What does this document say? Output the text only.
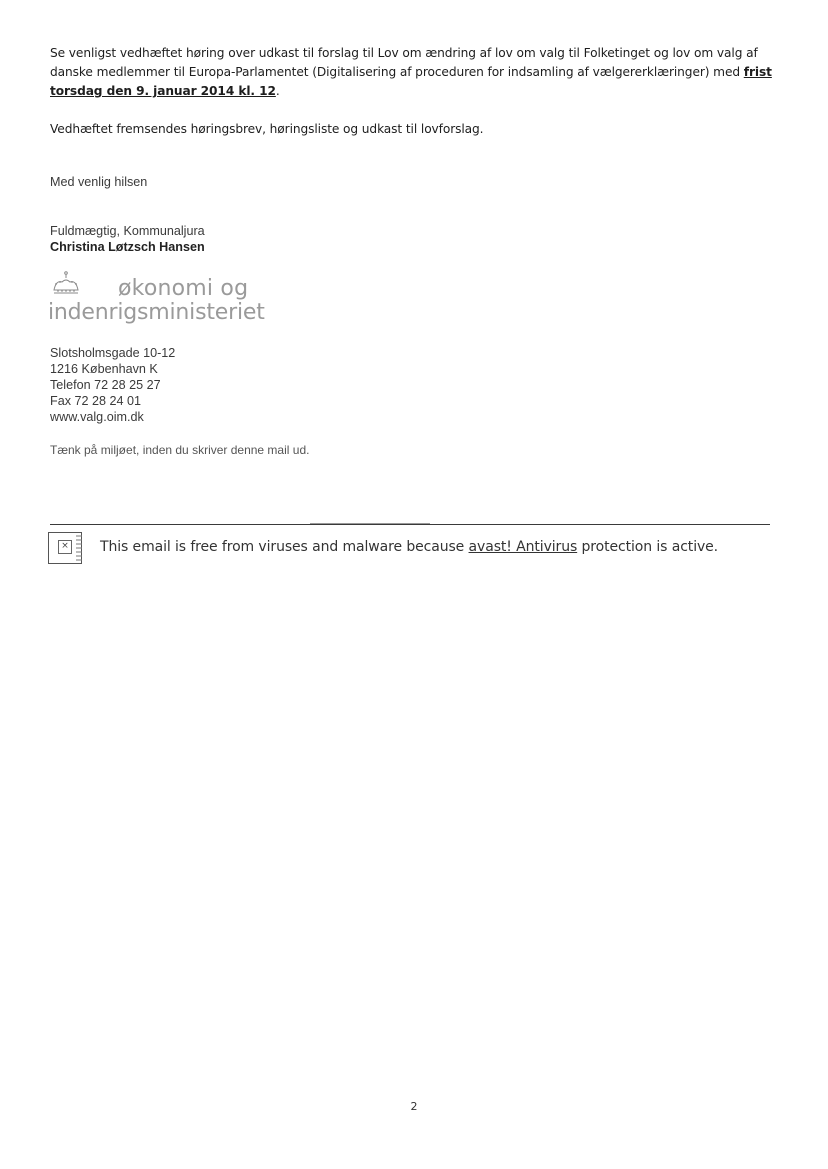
Se venligst vedhæftet høring over udkast til forslag til Lov om ændring af lov om valg til Folketinget og lov om valg af danske medlemmer til Europa-Parlamentet (Digitalisering af proceduren for indsamling af vælgererklæringer) med frist torsdag den 9. januar 2014 kl. 12.
Vedhæftet fremsendes høringsbrev, høringsliste og udkast til lovforslag.
Med venlig hilsen
Fuldmægtig, Kommunaljura
Christina Løtzsch Hansen
økonomi og
indenrigsministeriet
Slotsholmsgade 10-12
1216 København K
Telefon 72 28 25 27
Fax 72 28 24 01
www.valg.oim.dk
Tænk på miljøet, inden du skriver denne mail ud.
× This email is free from viruses and malware because avast! Antivirus protection is active.
2
